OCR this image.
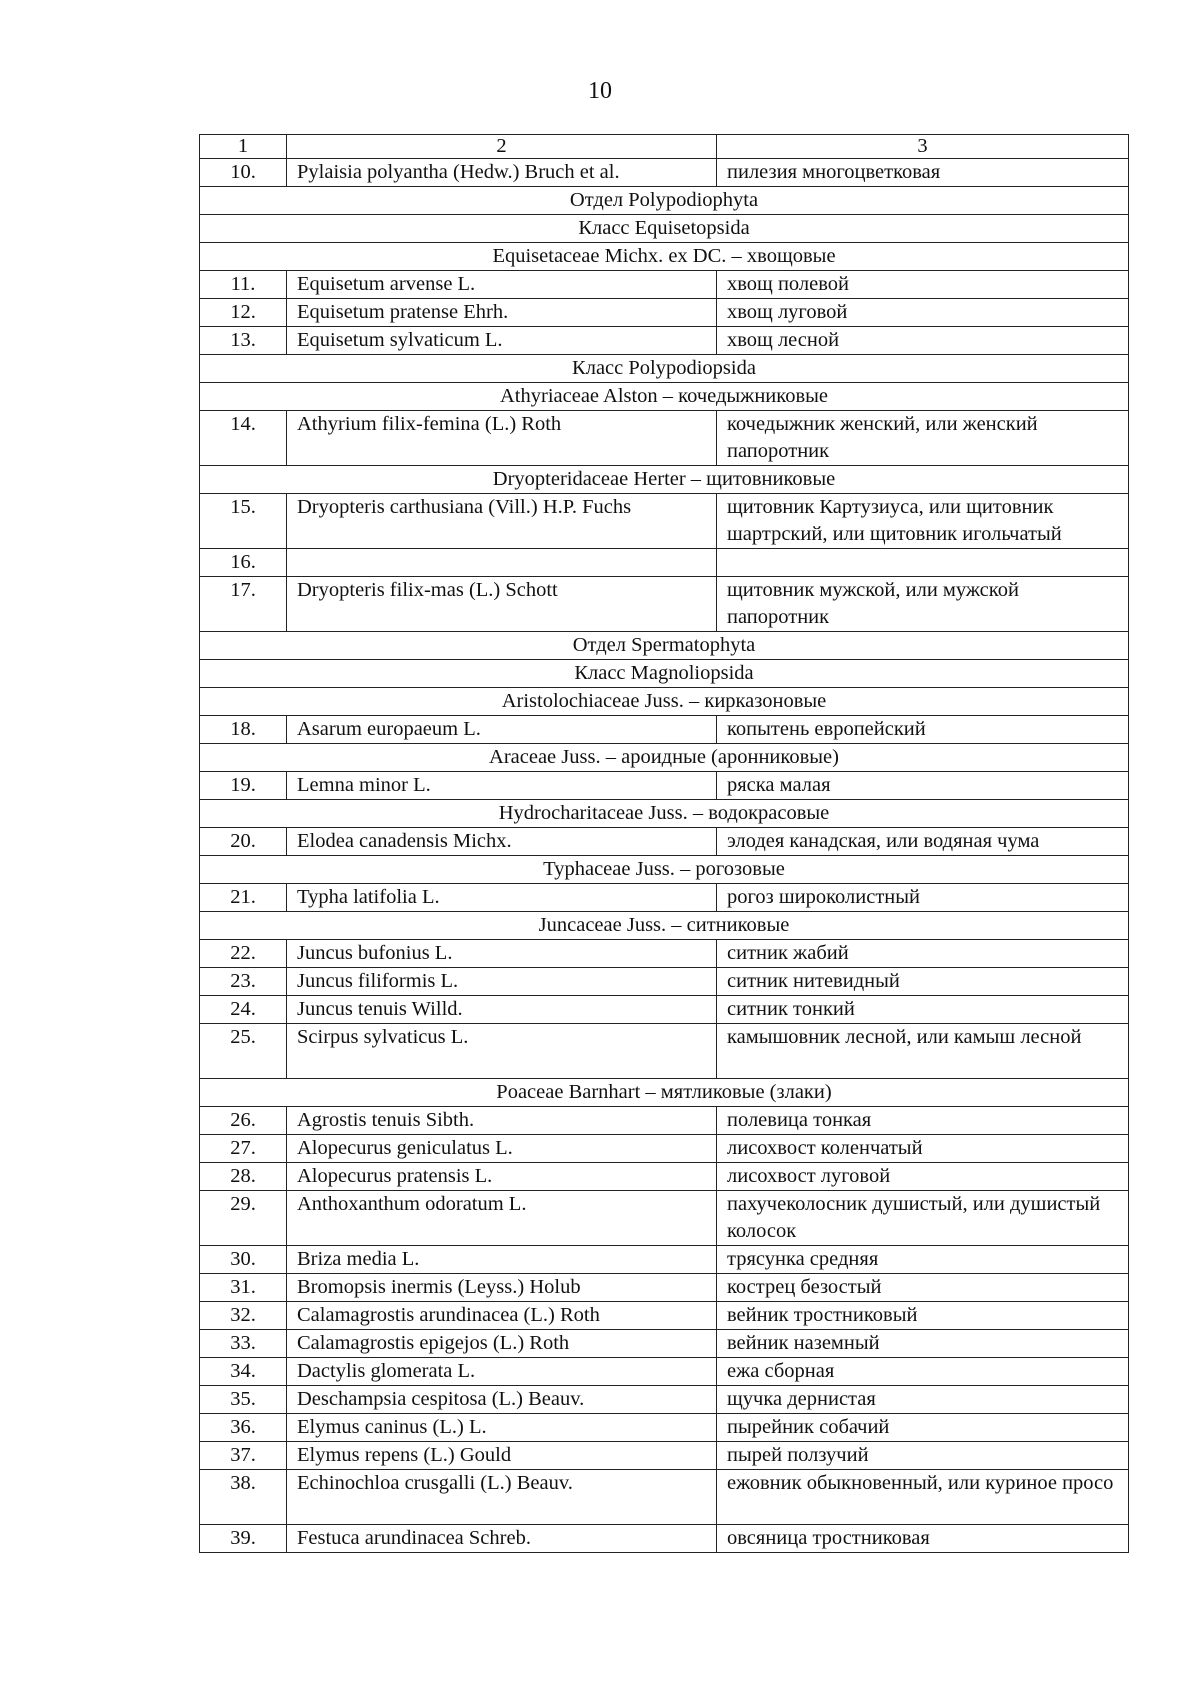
10
1	2	3
10.	Pylaisia polyantha (Hedw.) Bruch et al.	пилезия многоцветковая
Отдел Polypodiophyta		
Класс Equisetopsida		
Equisetaceae Michx. ex DC. – хвощовые		
11.	Equisetum arvense L.	хвощ полевой
12.	Equisetum pratense Ehrh.	хвощ луговой
13.	Equisetum sylvaticum L.	хвощ лесной
Класс Polypodiopsida		
Athyriaceae Alston – кочедыжниковые		
14.	Athyrium filix-femina (L.) Roth	кочедыжник женский, или женский папоротник
Dryopteridaceae Herter – щитовниковые		
15.	Dryopteris carthusiana (Vill.) H.P. Fuchs	щитовник Картузиуса, или щитовник шартрский, или щитовник игольчатый
16.		
17.	Dryopteris filix-mas (L.) Schott	щитовник мужской, или мужской папоротник
Отдел Spermatophyta		
Класс Magnoliopsida		
Aristolochiaceae Juss. – кирказоновые		
18.	Asarum europaeum L.	копытень европейский
Araceae Juss. – ароидные (аронниковые)		
19.	Lemna minor L.	ряска малая
Hydrocharitaceae Juss. – водокрасовые		
20.	Elodea canadensis Michx.	элодея канадская, или водяная чума
Typhaceae Juss. – рогозовые		
21.	Typha latifolia L.	рогоз широколистный
Juncaceae Juss. – ситниковые		
22.	Juncus bufonius L.	ситник жабий
23.	Juncus filiformis L.	ситник нитевидный
24.	Juncus tenuis Willd.	ситник тонкий
25.	Scirpus sylvaticus L.	камышовник лесной, или камыш лесной
Poaceae Barnhart – мятликовые (злаки)		
26.	Agrostis tenuis Sibth.	полевица тонкая
27.	Alopecurus geniculatus L.	лисохвост коленчатый
28.	Alopecurus pratensis L.	лисохвост луговой
29.	Anthoxanthum odoratum L.	пахучеколосник душистый, или душистый колосок
30.	Briza media L.	трясунка средняя
31.	Bromopsis inermis (Leyss.) Holub	кострец безостый
32.	Calamagrostis arundinacea (L.) Roth	вейник тростниковый
33.	Calamagrostis epigejos (L.) Roth	вейник наземный
34.	Dactylis glomerata L.	ежа сборная
35.	Deschampsia cespitosa (L.) Beauv.	щучка дернистая
36.	Elymus caninus (L.) L.	пырейник собачий
37.	Elymus repens (L.) Gould	пырей ползучий
38.	Echinochloa crusgalli (L.) Beauv.	ежовник обыкновенный, или куриное просо
39.	Festuca arundinacea Schreb.	овсяница тростниковая
